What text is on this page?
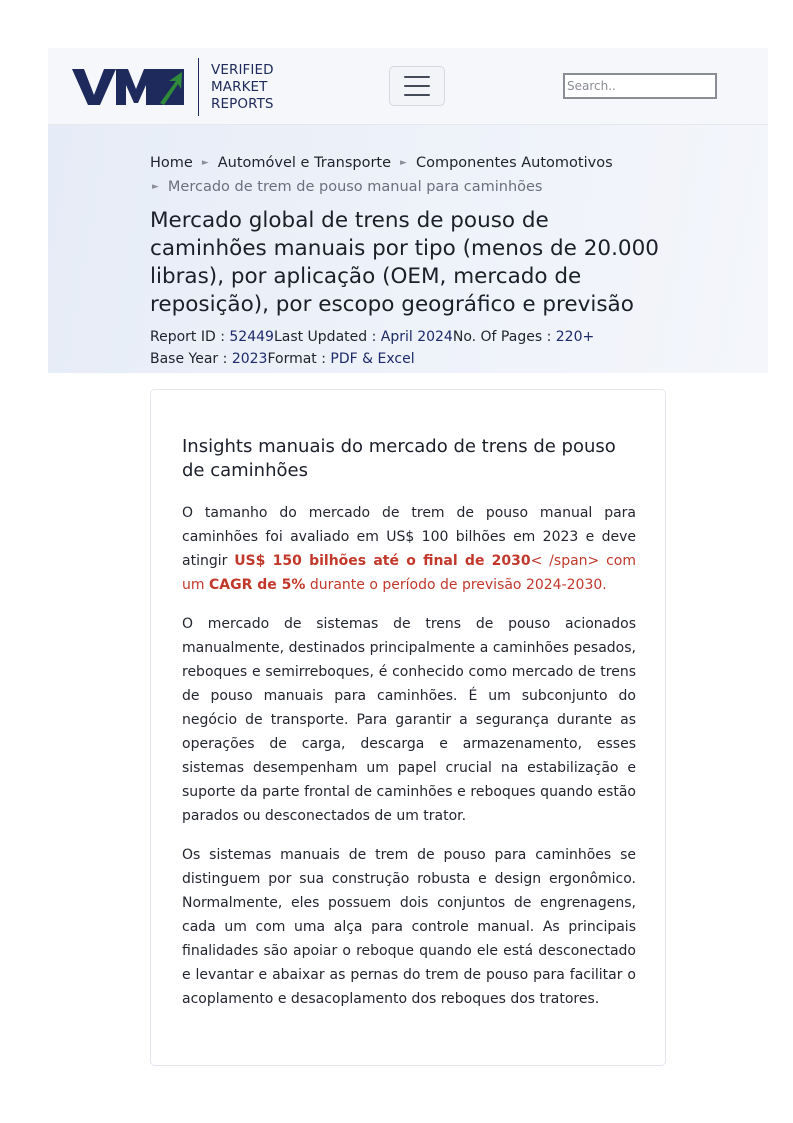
VERIFIED
MARKET
REPORTS
Search..
Home ► Automóvel e Transporte ► Componentes Automotivos
► Mercado de trem de pouso manual para caminhões
Mercado global de trens de pouso de caminhões manuais por tipo (menos de 20.000 libras), por aplicação (OEM, mercado de reposição), por escopo geográfico e previsão
Report ID : 52449Last Updated : April 2024No. Of Pages : 220+
Base Year : 2023Format : PDF & Excel
Insights manuais do mercado de trens de pouso de caminhões

O tamanho do mercado de trem de pouso manual para caminhões foi avaliado em US$ 100 bilhões em 2023 e deve atingir US$ 150 bilhões até o final de 2030< /span> com um CAGR de 5% durante o período de previsão 2024-2030.

O mercado de sistemas de trens de pouso acionados manualmente, destinados principalmente a caminhões pesados, reboques e semirreboques, é conhecido como mercado de trens de pouso manuais para caminhões. É um subconjunto do negócio de transporte. Para garantir a segurança durante as operações de carga, descarga e armazenamento, esses sistemas desempenham um papel crucial na estabilização e suporte da parte frontal de caminhões e reboques quando estão parados ou desconectados de um trator.

Os sistemas manuais de trem de pouso para caminhões se distinguem por sua construção robusta e design ergonômico. Normalmente, eles possuem dois conjuntos de engrenagens, cada um com uma alça para controle manual. As principais finalidades são apoiar o reboque quando ele está desconectado e levantar e abaixar as pernas do trem de pouso para facilitar o acoplamento e desacoplamento dos reboques dos tratores.
